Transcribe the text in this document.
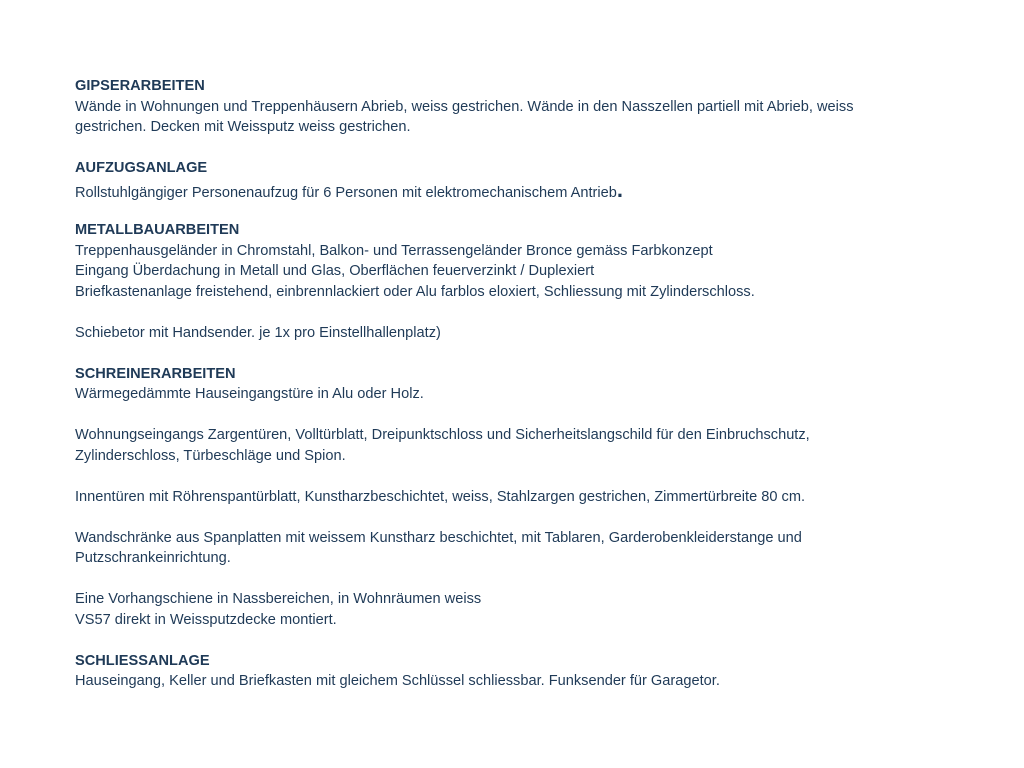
GIPSERARBEITEN
Wände in Wohnungen und Treppenhäusern Abrieb, weiss gestrichen. Wände in den Nasszellen partiell mit Abrieb, weiss
gestrichen. Decken mit Weissputz weiss gestrichen.
AUFZUGSANLAGE
Rollstuhlgängiger Personenaufzug für 6 Personen mit elektromechanischem Antrieb.
METALLBAUARBEITEN
Treppenhausgeländer in Chromstahl, Balkon- und Terrassengeländer Bronce gemäss Farbkonzept
Eingang Überdachung in Metall und Glas, Oberflächen feuerverzinkt / Duplexiert
Briefkastenanlage freistehend, einbrennlackiert oder Alu farblos eloxiert, Schliessung mit Zylinderschloss.
Schiebetor mit Handsender. je 1x pro Einstellhallenplatz)
SCHREINERARBEITEN
Wärmegedämmte Hauseingangstüre in Alu oder Holz.
Wohnungseingangs Zargentüren, Volltürblatt, Dreipunktschloss und Sicherheitslangschild für den Einbruchschutz,
Zylinderschloss, Türbeschläge und Spion.
Innentüren mit Röhrenspantürblatt, Kunstharzbeschichtet, weiss, Stahlzargen gestrichen, Zimmertürbreite 80 cm.
Wandschränke aus Spanplatten mit weissem Kunstharz beschichtet, mit Tablaren, Garderobenkleiderstange und
Putzschrankeinrichtung.
Eine Vorhangschiene in Nassbereichen, in Wohnräumen weiss
VS57 direkt in Weissputzdecke montiert.
SCHLIESSANLAGE
Hauseingang, Keller und Briefkasten mit gleichem Schlüssel schliessbar. Funksender für Garagetor.
